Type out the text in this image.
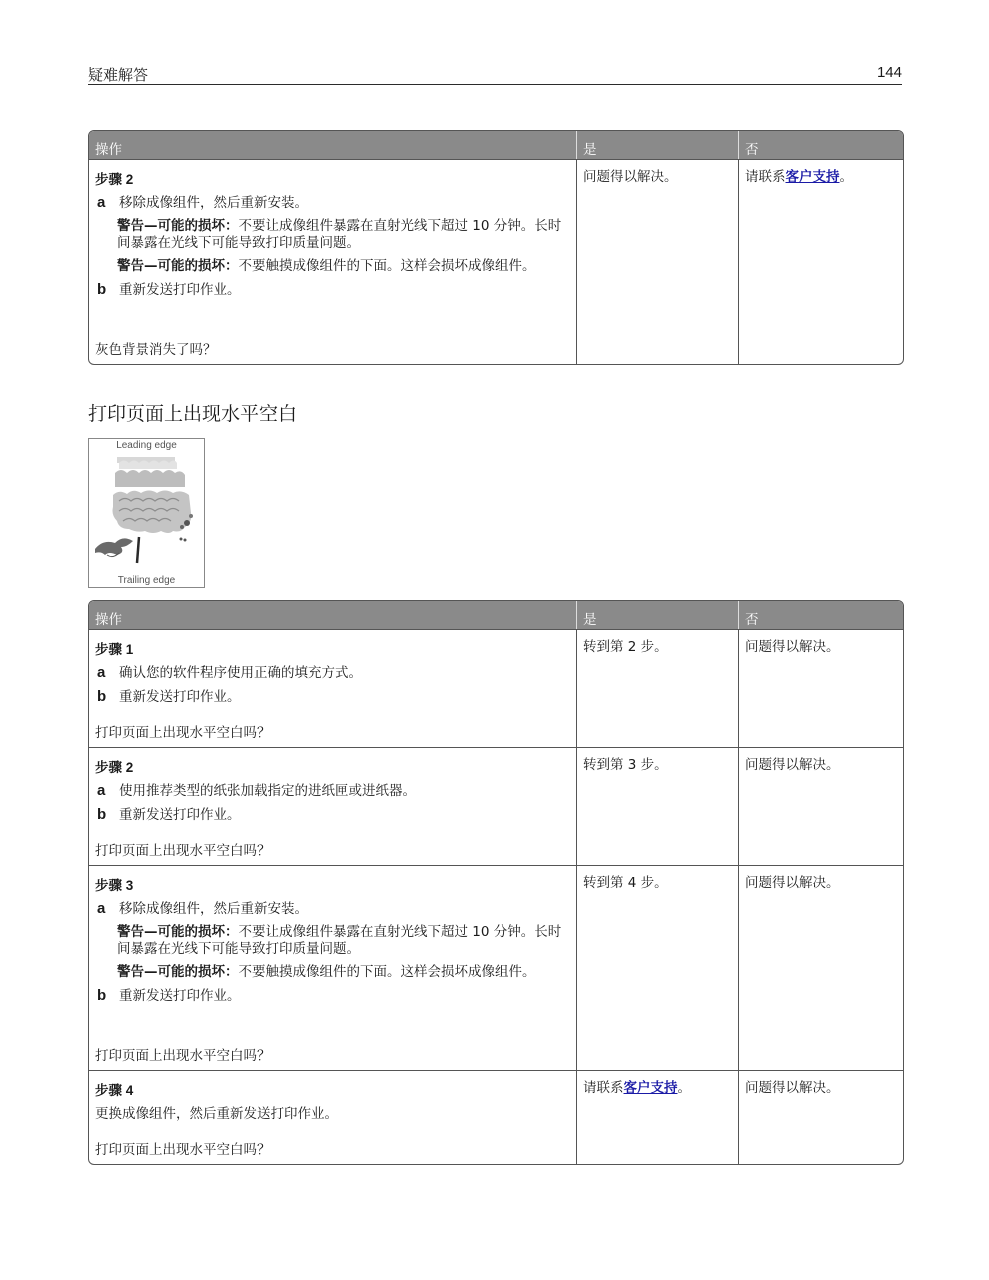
疑难解答	144
操作	是	否
步骤 2
a	移除成像组件，然后重新安装。
警告—可能的损坏：不要让成像组件暴露在直射光线下超过 10 分钟。长时间暴露在光线下可能导致打印质量问题。
警告—可能的损坏：不要触摸成像组件的下面。这样会损坏成像组件。
b 重新发送打印作业。
灰色背景消失了吗？
问题得以解决。	请联系客户支持。
打印页面上出现水平空白
Leading edge
Trailing edge
操作	是	否
步骤 1
a	确认您的软件程序使用正确的填充方式。
b 重新发送打印作业。
打印页面上出现水平空白吗？
转到第 2 步。	问题得以解决。
步骤 2
a	使用推荐类型的纸张加载指定的进纸匣或进纸器。
b 重新发送打印作业。
打印页面上出现水平空白吗？
转到第 3 步。	问题得以解决。
步骤 3
a	移除成像组件，然后重新安装。
警告—可能的损坏：不要让成像组件暴露在直射光线下超过 10 分钟。长时间暴露在光线下可能导致打印质量问题。
警告—可能的损坏：不要触摸成像组件的下面。这样会损坏成像组件。
b 重新发送打印作业。
打印页面上出现水平空白吗？
转到第 4 步。	问题得以解决。
步骤 4
更换成像组件，然后重新发送打印作业。
打印页面上出现水平空白吗？
请联系客户支持。	问题得以解决。
